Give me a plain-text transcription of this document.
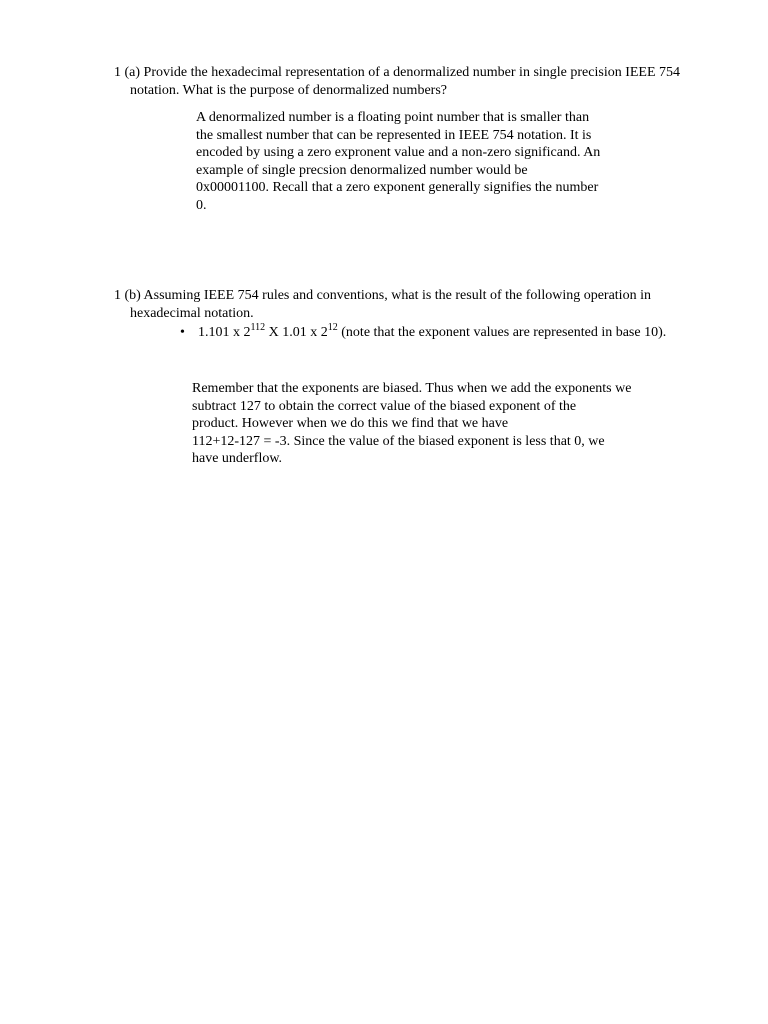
1 (a) Provide the hexadecimal representation of a denormalized number in single precision IEEE 754 notation. What is the purpose of denormalized numbers?
A denormalized number is a floating point number that is smaller than
the smallest number that can be represented in IEEE 754 notation. It is
encoded by using a zero expronent value and a non-zero significand. An
example of single precsion denormalized number would be
0x00001100. Recall that a zero exponent generally signifies the number
0.
1 (b) Assuming IEEE 754 rules and conventions, what is the result of the following operation in hexadecimal notation.
• 1.101 x $2^{112}$ X 1.01 x $2^{12}$ (note that the exponent values are represented in base 10).
Remember that the exponents are biased. Thus when we add the exponents we
subtract 127 to obtain the correct value of the biased exponent of the
product. However when we do this we find that we have
112+12-127 = -3. Since the value of the biased exponent is less that 0, we
have underflow.
